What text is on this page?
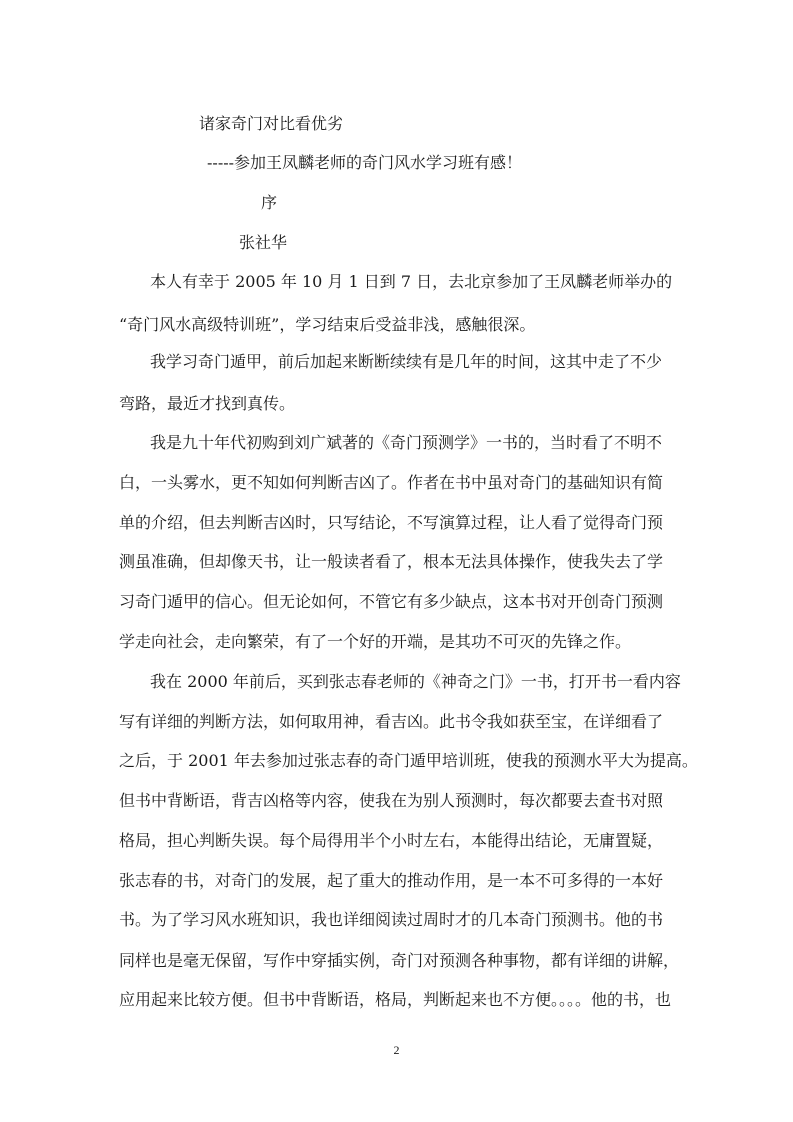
诸家奇门对比看优劣
-----参加王凤麟老师的奇门风水学习班有感！
序
张社华
本人有幸于 2005 年 10 月 1 日到 7 日，去北京参加了王凤麟老师举办的
“奇门风水高级特训班”，学习结束后受益非浅，感触很深。
我学习奇门遁甲，前后加起来断断续续有是几年的时间，这其中走了不少
弯路，最近才找到真传。
我是九十年代初购到刘广斌著的《奇门预测学》一书的，当时看了不明不
白，一头雾水，更不知如何判断吉凶了。作者在书中虽对奇门的基础知识有简
单的介绍，但去判断吉凶时，只写结论，不写演算过程，让人看了觉得奇门预
测虽准确，但却像天书，让一般读者看了，根本无法具体操作，使我失去了学
习奇门遁甲的信心。但无论如何，不管它有多少缺点，这本书对开创奇门预测
学走向社会，走向繁荣，有了一个好的开端，是其功不可灭的先锋之作。
我在 2000 年前后，买到张志春老师的《神奇之门》一书，打开书一看内容
写有详细的判断方法，如何取用神，看吉凶。此书令我如获至宝，在详细看了
之后，于 2001 年去参加过张志春的奇门遁甲培训班，使我的预测水平大为提高。
但书中背断语，背吉凶格等内容，使我在为别人预测时，每次都要去查书对照
格局，担心判断失误。每个局得用半个小时左右，本能得出结论，无庸置疑，
张志春的书，对奇门的发展，起了重大的推动作用，是一本不可多得的一本好
书。为了学习风水班知识，我也详细阅读过周时才的几本奇门预测书。他的书
同样也是毫无保留，写作中穿插实例，奇门对预测各种事物，都有详细的讲解，
应用起来比较方便。但书中背断语，格局，判断起来也不方便。。。。他的书，也
2
